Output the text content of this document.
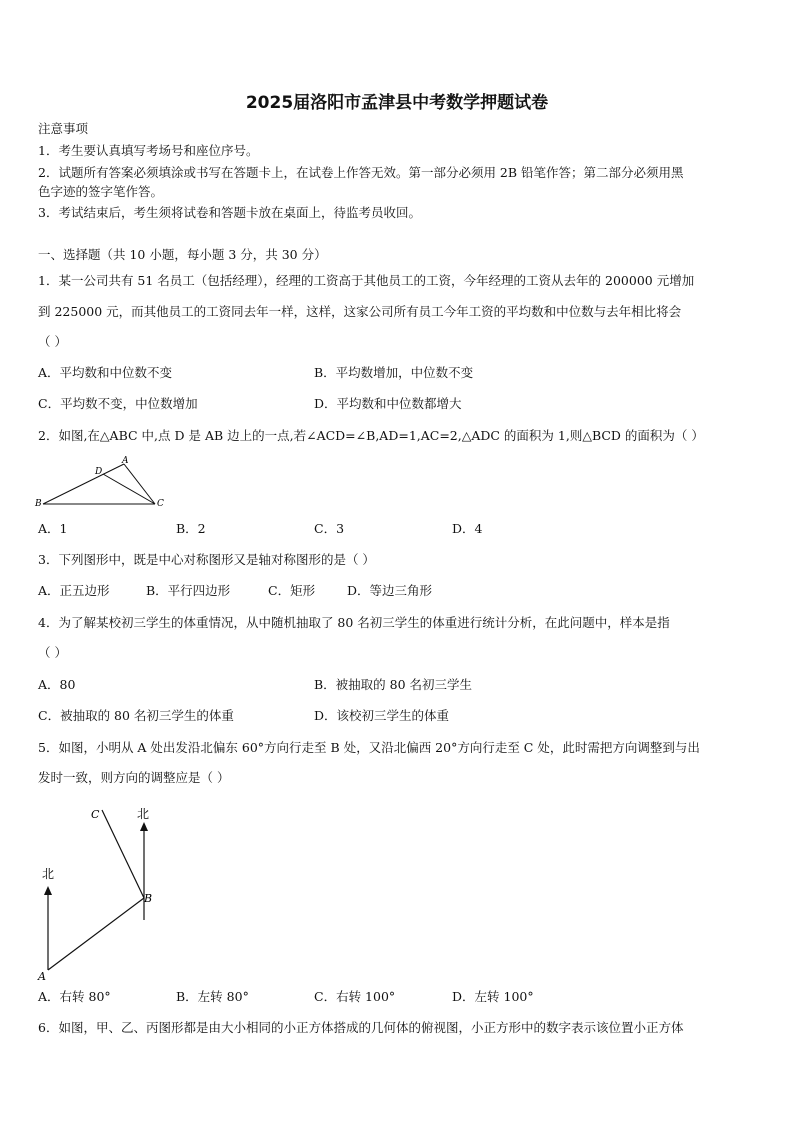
2025届洛阳市孟津县中考数学押题试卷
注意事项
1．考生要认真填写考场号和座位序号。
2．试题所有答案必须填涂或书写在答题卡上，在试卷上作答无效。第一部分必须用 2B 铅笔作答；第二部分必须用黑
色字迹的签字笔作答。
3．考试结束后，考生须将试卷和答题卡放在桌面上，待监考员收回。
一、选择题（共 10 小题，每小题 3 分，共 30 分）
1．某一公司共有 51 名员工（包括经理），经理的工资高于其他员工的工资，今年经理的工资从去年的 200000 元增加
到 225000 元，而其他员工的工资同去年一样，这样，这家公司所有员工今年工资的平均数和中位数与去年相比将会
（ ）
A．平均数和中位数不变	B．平均数增加，中位数不变
C．平均数不变，中位数增加	D．平均数和中位数都增大
2．如图,在△ABC 中,点 D 是 AB 边上的一点,若∠ACD=∠B,AD=1,AC=2,△ADC 的面积为 1,则△BCD 的面积为（ ）
A
D
B	C
A．1	B．2	C．3	D．4
3．下列图形中，既是中心对称图形又是轴对称图形的是（ ）
A．正五边形	B．平行四边形	C．矩形	D．等边三角形
4．为了解某校初三学生的体重情况，从中随机抽取了 80 名初三学生的体重进行统计分析，在此问题中，样本是指
（ ）
A．80	B．被抽取的 80 名初三学生
C．被抽取的 80 名初三学生的体重	D．该校初三学生的体重
5．如图，小明从 A 处出发沿北偏东 60°方向行走至 B 处，又沿北偏西 20°方向行走至 C 处，此时需把方向调整到与出
发时一致，则方向的调整应是（ ）
A
B
C
北
北
A．右转 80°	B．左转 80°	C．右转 100°	D．左转 100°
6．如图，甲、乙、丙图形都是由大小相同的小正方体搭成的几何体的俯视图，小正方形中的数字表示该位置小正方体
